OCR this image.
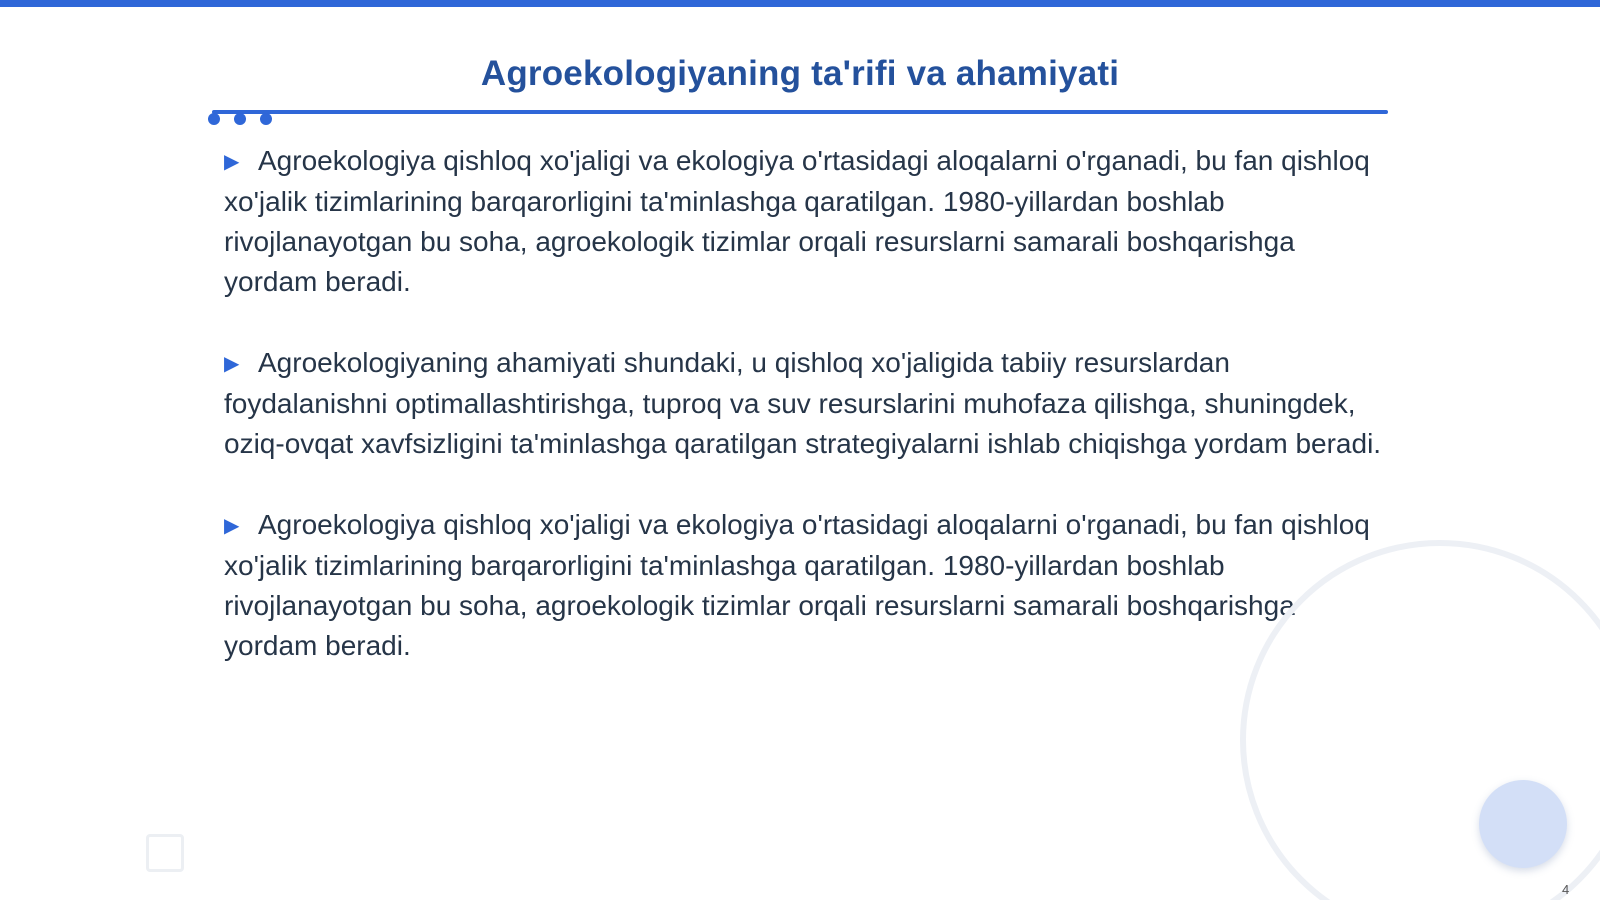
Agroekologiyaning ta'rifi va ahamiyati

▶ Agroekologiya qishloq xo'jaligi va ekologiya o'rtasidagi aloqalarni o'rganadi, bu fan qishloq xo'jalik tizimlarining barqarorligini ta'minlashga qaratilgan. 1980-yillardan boshlab rivojlanayotgan bu soha, agroekologik tizimlar orqali resurslarni samarali boshqarishga yordam beradi.

▶ Agroekologiyaning ahamiyati shundaki, u qishloq xo'jaligida tabiiy resurslardan foydalanishni optimallashtirishga, tuproq va suv resurslarini muhofaza qilishga, shuningdek, oziq-ovqat xavfsizligini ta'minlashga qaratilgan strategiyalarni ishlab chiqishga yordam beradi.

▶ Agroekologiya qishloq xo'jaligi va ekologiya o'rtasidagi aloqalarni o'rganadi, bu fan qishloq xo'jalik tizimlarining barqarorligini ta'minlashga qaratilgan. 1980-yillardan boshlab rivojlanayotgan bu soha, agroekologik tizimlar orqali resurslarni samarali boshqarishga yordam beradi.

4
